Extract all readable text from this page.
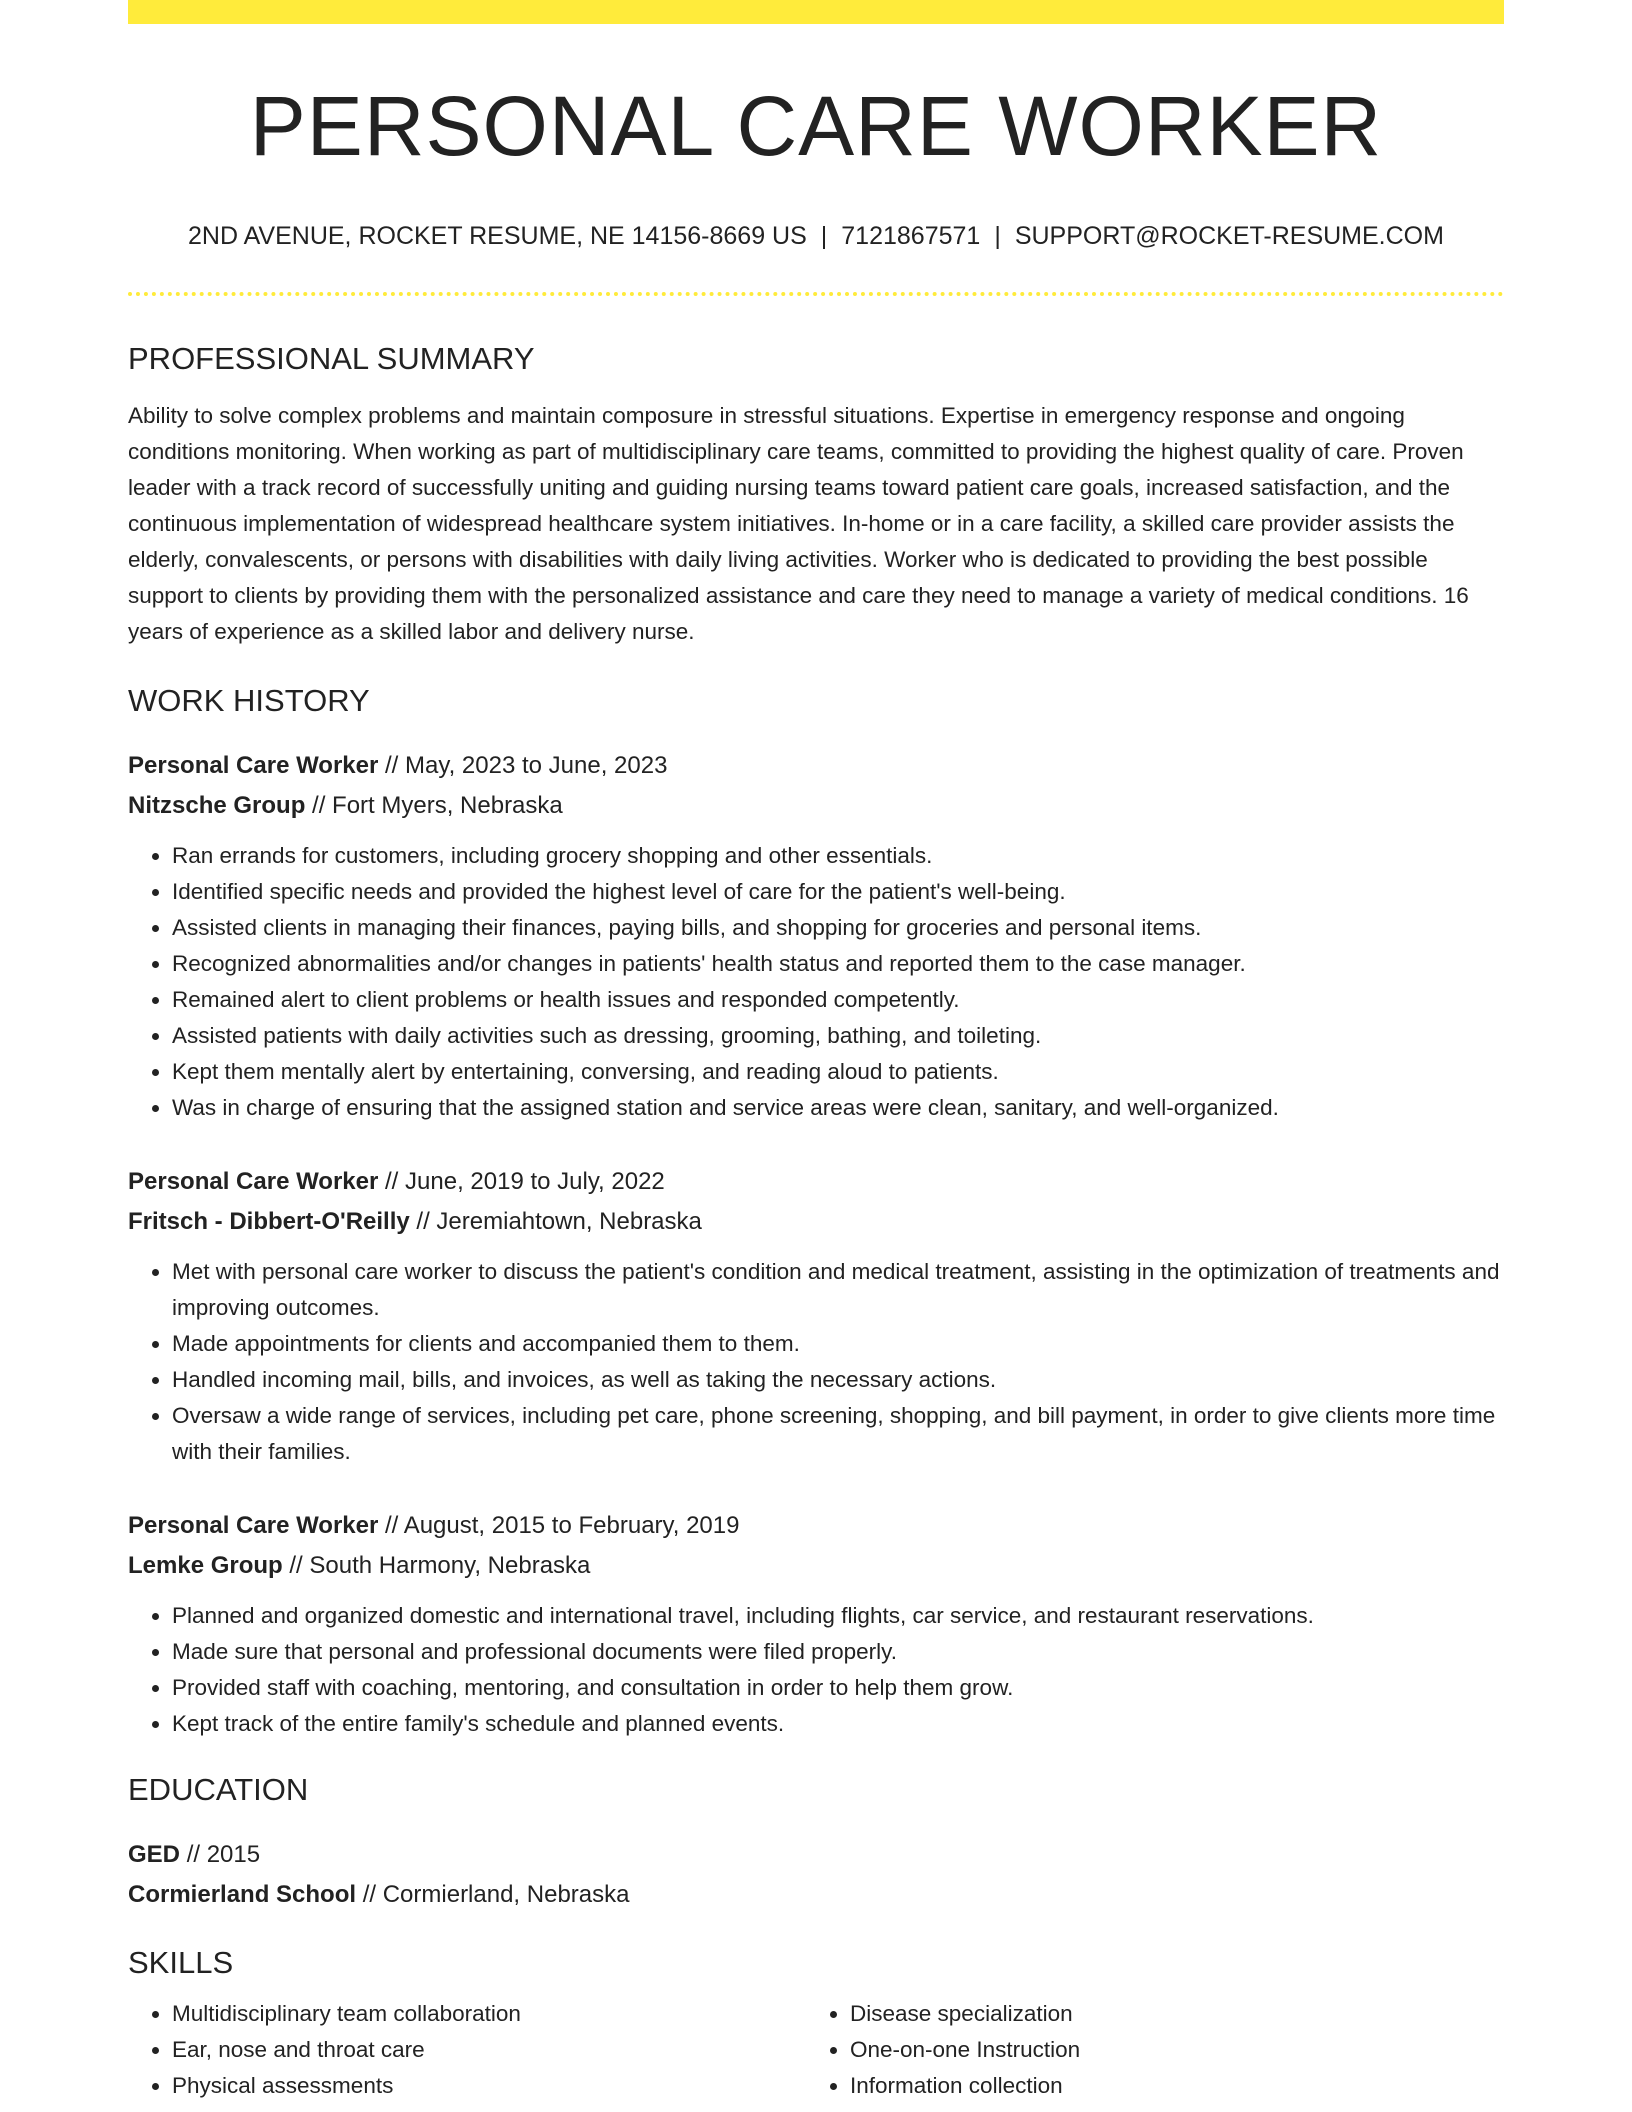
PERSONAL CARE WORKER
2ND AVENUE, ROCKET RESUME, NE 14156-8669 US | 7121867571 | SUPPORT@ROCKET-RESUME.COM
PROFESSIONAL SUMMARY

Ability to solve complex problems and maintain composure in stressful situations. Expertise in emergency response and ongoing conditions monitoring. When working as part of multidisciplinary care teams, committed to providing the highest quality of care. Proven leader with a track record of successfully uniting and guiding nursing teams toward patient care goals, increased satisfaction, and the continuous implementation of widespread healthcare system initiatives. In-home or in a care facility, a skilled care provider assists the elderly, convalescents, or persons with disabilities with daily living activities. Worker who is dedicated to providing the best possible support to clients by providing them with the personalized assistance and care they need to manage a variety of medical conditions. 16 years of experience as a skilled labor and delivery nurse.

WORK HISTORY
Personal Care Worker // May, 2023 to June, 2023
Nitzsche Group // Fort Myers, Nebraska
• Ran errands for customers, including grocery shopping and other essentials.
• Identified specific needs and provided the highest level of care for the patient's well-being.
• Assisted clients in managing their finances, paying bills, and shopping for groceries and personal items.
• Recognized abnormalities and/or changes in patients' health status and reported them to the case manager.
• Remained alert to client problems or health issues and responded competently.
• Assisted patients with daily activities such as dressing, grooming, bathing, and toileting.
• Kept them mentally alert by entertaining, conversing, and reading aloud to patients.
• Was in charge of ensuring that the assigned station and service areas were clean, sanitary, and well-organized.
Personal Care Worker // June, 2019 to July, 2022
Fritsch - Dibbert-O'Reilly // Jeremiahtown, Nebraska
• Met with personal care worker to discuss the patient's condition and medical treatment, assisting in the optimization of treatments and improving outcomes.
• Made appointments for clients and accompanied them to them.
• Handled incoming mail, bills, and invoices, as well as taking the necessary actions.
• Oversaw a wide range of services, including pet care, phone screening, shopping, and bill payment, in order to give clients more time with their families.
Personal Care Worker // August, 2015 to February, 2019
Lemke Group // South Harmony, Nebraska
• Planned and organized domestic and international travel, including flights, car service, and restaurant reservations.
• Made sure that personal and professional documents were filed properly.
• Provided staff with coaching, mentoring, and consultation in order to help them grow.
• Kept track of the entire family's schedule and planned events.
EDUCATION
GED // 2015
Cormierland School // Cormierland, Nebraska
SKILLS
• Multidisciplinary team collaboration
• Ear, nose and throat care
• Physical assessments
• Disease specialization
• One-on-one Instruction
• Information collection
